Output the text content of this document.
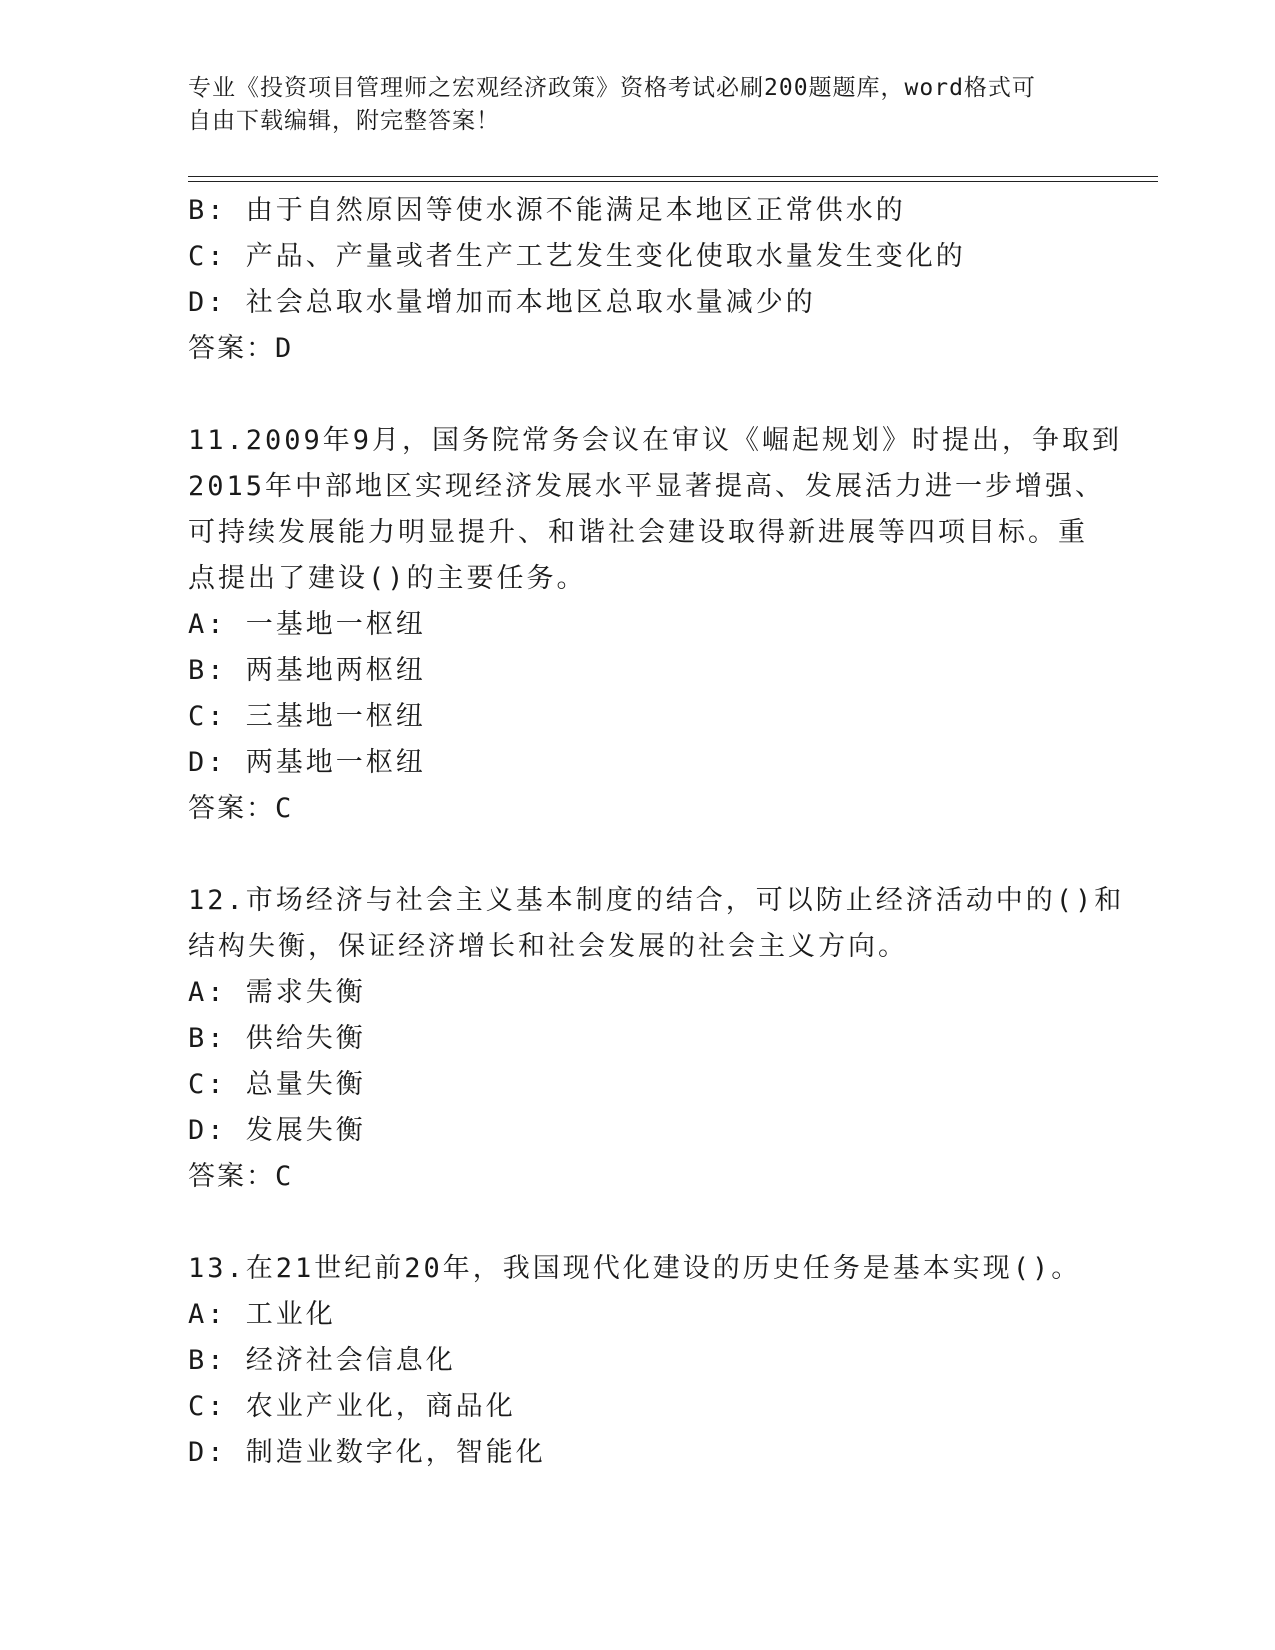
专业《投资项目管理师之宏观经济政策》资格考试必刷200题题库，word格式可
自由下载编辑，附完整答案！
B: 由于自然原因等使水源不能满足本地区正常供水的
C: 产品、产量或者生产工艺发生变化使取水量发生变化的
D: 社会总取水量增加而本地区总取水量减少的
答案：D
11.2009年9月，国务院常务会议在审议《崛起规划》时提出，争取到
2015年中部地区实现经济发展水平显著提高、发展活力进一步增强、
可持续发展能力明显提升、和谐社会建设取得新进展等四项目标。重
点提出了建设()的主要任务。
A: 一基地一枢纽
B: 两基地两枢纽
C: 三基地一枢纽
D: 两基地一枢纽
答案：C
12.市场经济与社会主义基本制度的结合，可以防止经济活动中的()和
结构失衡，保证经济增长和社会发展的社会主义方向。
A: 需求失衡
B: 供给失衡
C: 总量失衡
D: 发展失衡
答案：C
13.在21世纪前20年，我国现代化建设的历史任务是基本实现()。
A: 工业化
B: 经济社会信息化
C: 农业产业化，商品化
D: 制造业数字化，智能化
